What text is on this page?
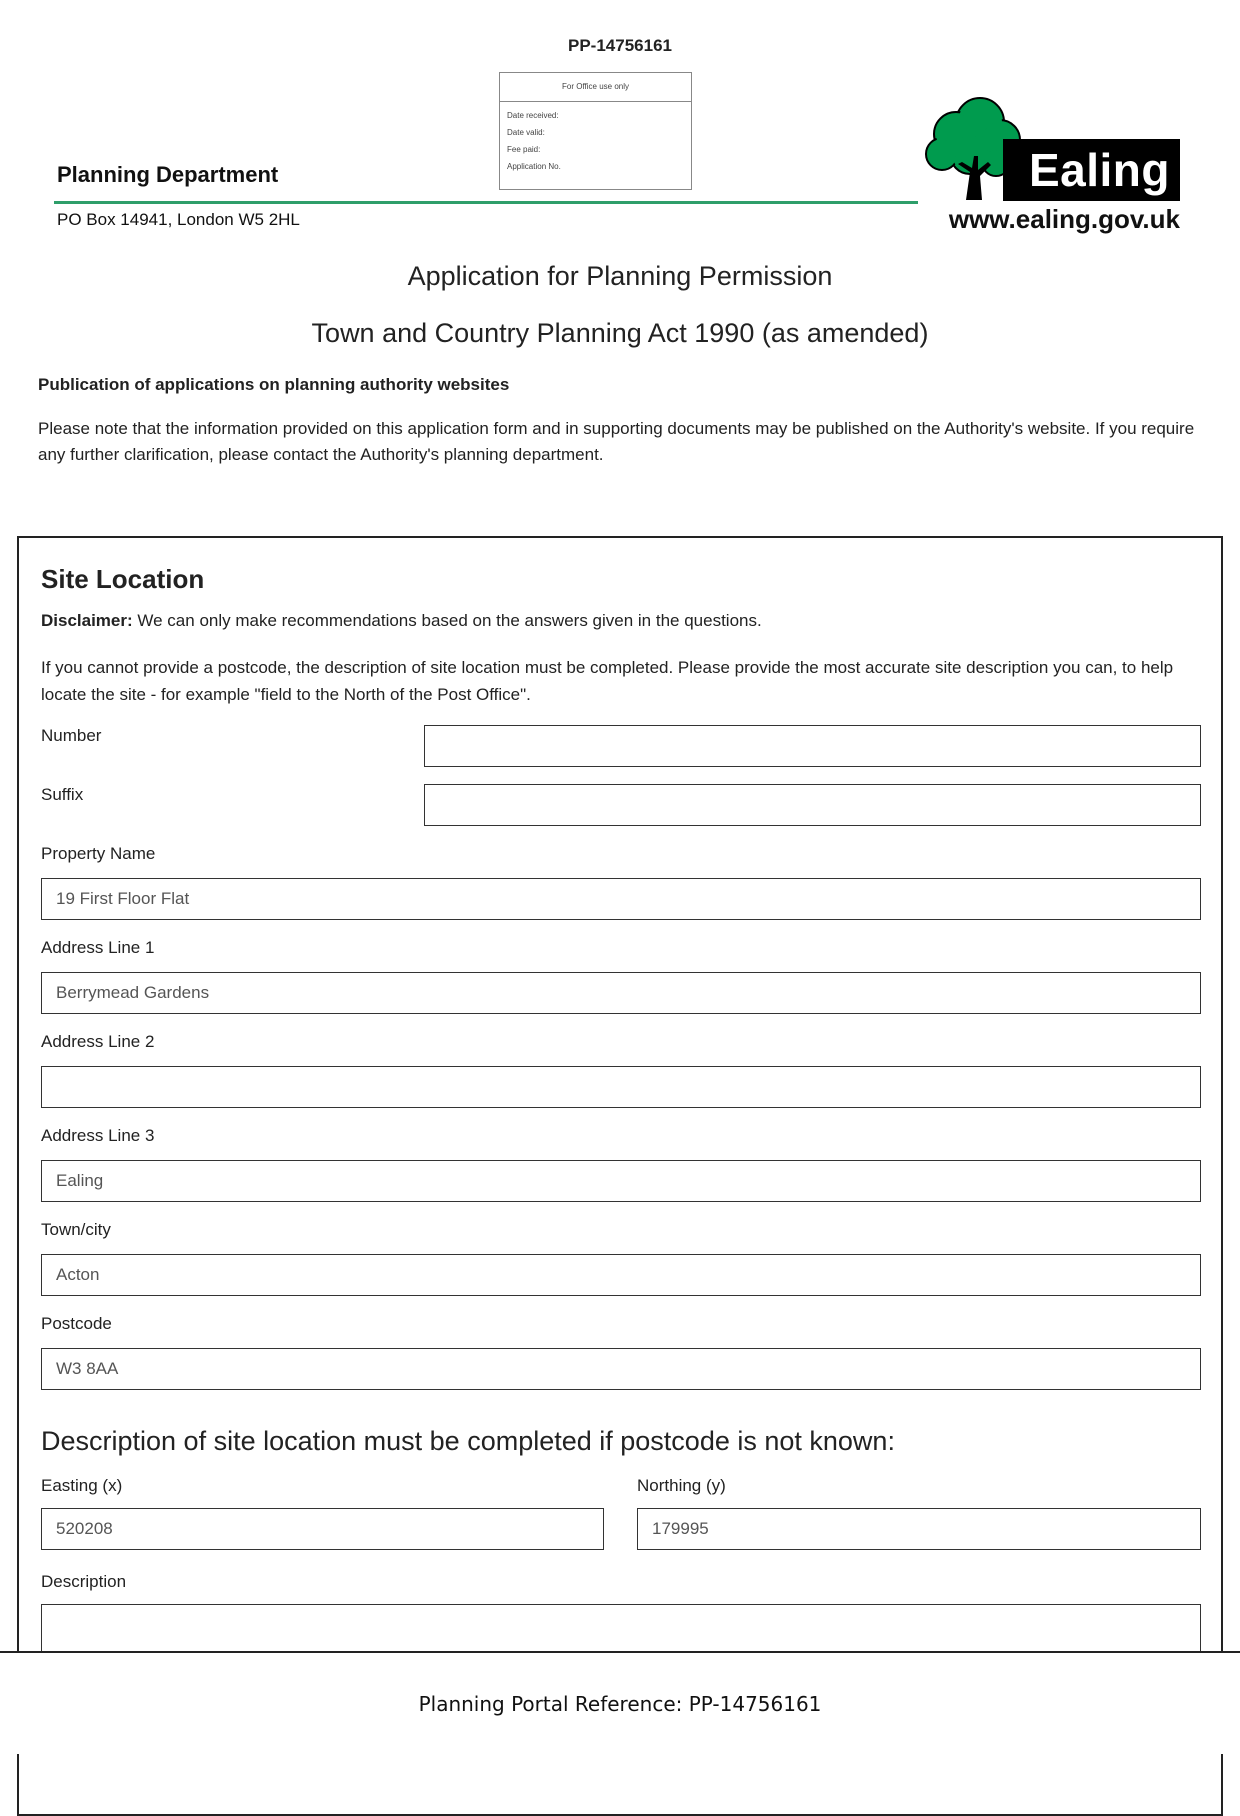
PP-14756161
For Office use only
Date received:
Date valid:
Fee paid:
Application No.
Planning Department
PO Box 14941, London W5 2HL
Ealing
www.ealing.gov.uk
Application for Planning Permission
Town and Country Planning Act 1990 (as amended)
Publication of applications on planning authority websites
Please note that the information provided on this application form and in supporting documents may be published on the Authority's website. If you require any further clarification, please contact the Authority's planning department.
Site Location
Disclaimer: We can only make recommendations based on the answers given in the questions.
If you cannot provide a postcode, the description of site location must be completed. Please provide the most accurate site description you can, to help locate the site - for example "field to the North of the Post Office".
Number
Suffix
Property Name
19 First Floor Flat
Address Line 1
Berrymead Gardens
Address Line 2
Address Line 3
Ealing
Town/city
Acton
Postcode
W3 8AA
Description of site location must be completed if postcode is not known:
Easting (x)
520208
Northing (y)
179995
Description
Planning Portal Reference: PP-14756161
